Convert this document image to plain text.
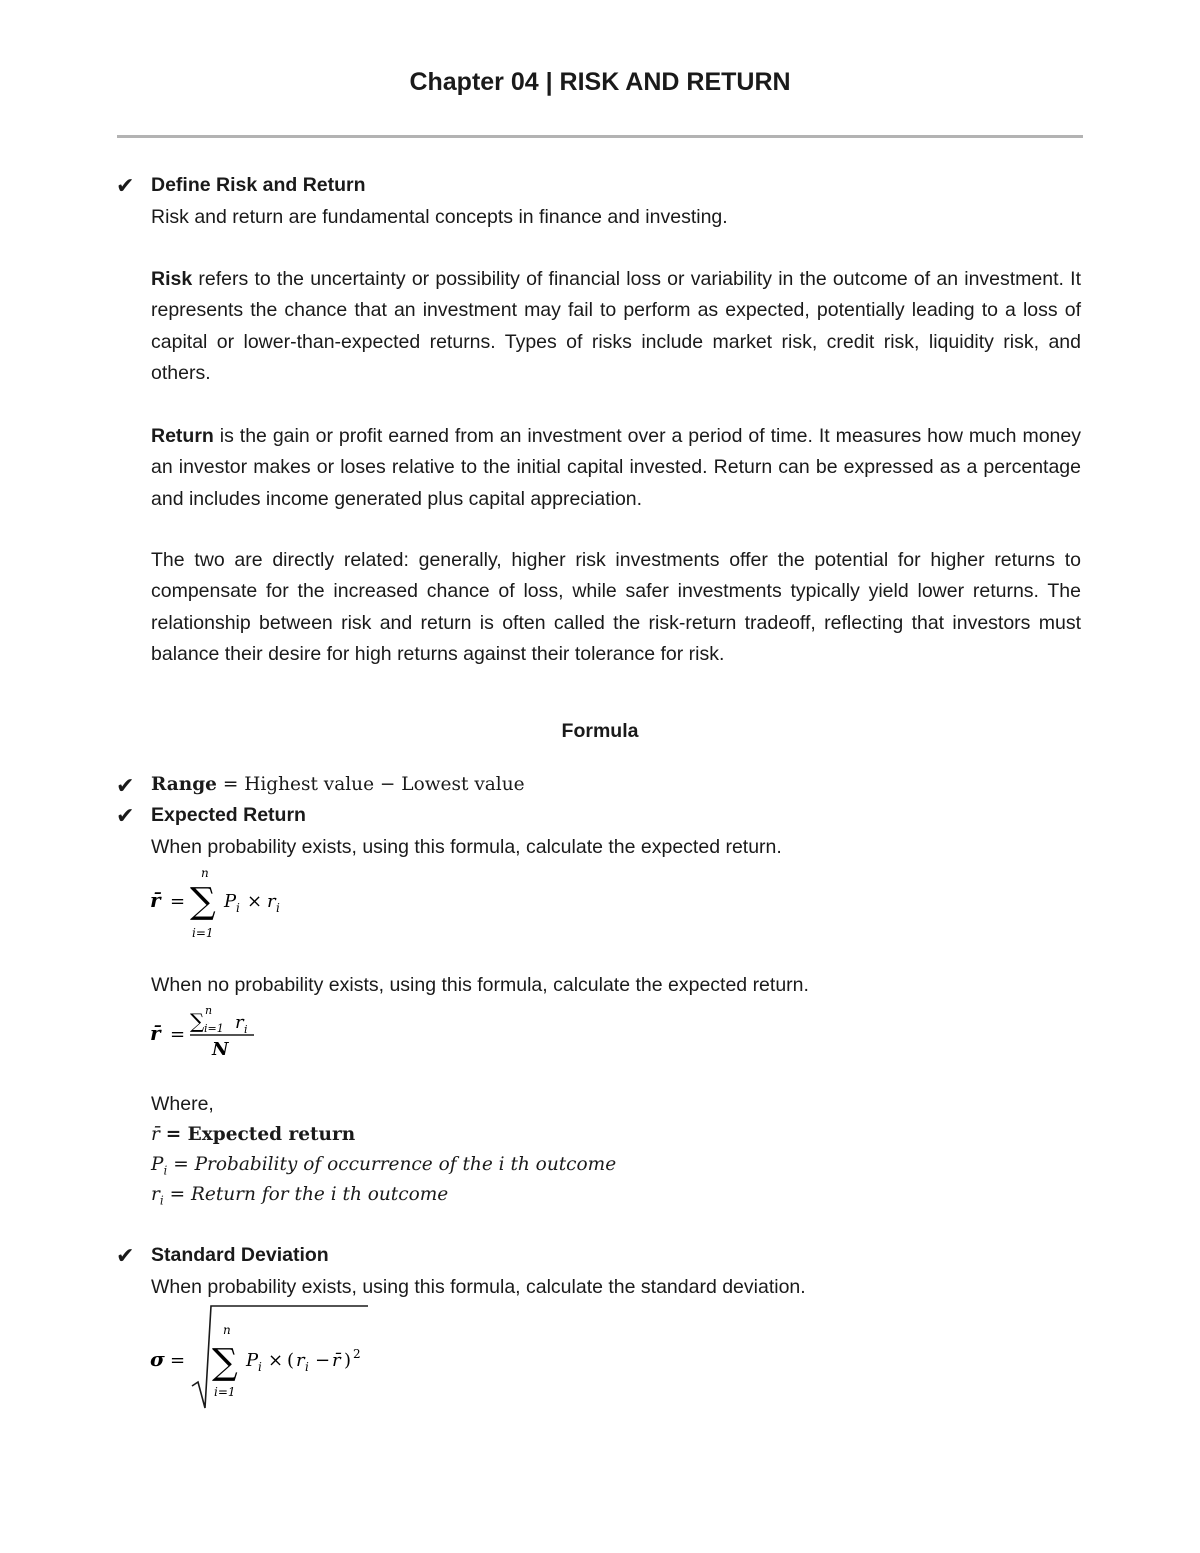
Chapter 04 | RISK AND RETURN
✔ Define Risk and Return
Risk and return are fundamental concepts in finance and investing.
Risk refers to the uncertainty or possibility of financial loss or variability in the outcome of an investment. It represents the chance that an investment may fail to perform as expected, potentially leading to a loss of capital or lower-than-expected returns. Types of risks include market risk, credit risk, liquidity risk, and others.
Return is the gain or profit earned from an investment over a period of time. It measures how much money an investor makes or loses relative to the initial capital invested. Return can be expressed as a percentage and includes income generated plus capital appreciation.
The two are directly related: generally, higher risk investments offer the potential for higher returns to compensate for the increased chance of loss, while safer investments typically yield lower returns. The relationship between risk and return is often called the risk-return tradeoff, reflecting that investors must balance their desire for high returns against their tolerance for risk.
Formula
✔ Range = Highest value − Lowest value
✔ Expected Return
When probability exists, using this formula, calculate the expected return.
r̄ = ∑
n
i=1
P i × r i
When no probability exists, using this formula, calculate the expected return.
r̄ =
∑ n
i=1 r i
N
Where,
r̄ = Expected return
$P_i$ = Probability of occurrence of the i th outcome
$r_i$ = Return for the i th outcome
✔ Standard Deviation
When probability exists, using this formula, calculate the standard deviation.
σ = ∑
n
i=1
P i × ( r i − r̄ ) 2
